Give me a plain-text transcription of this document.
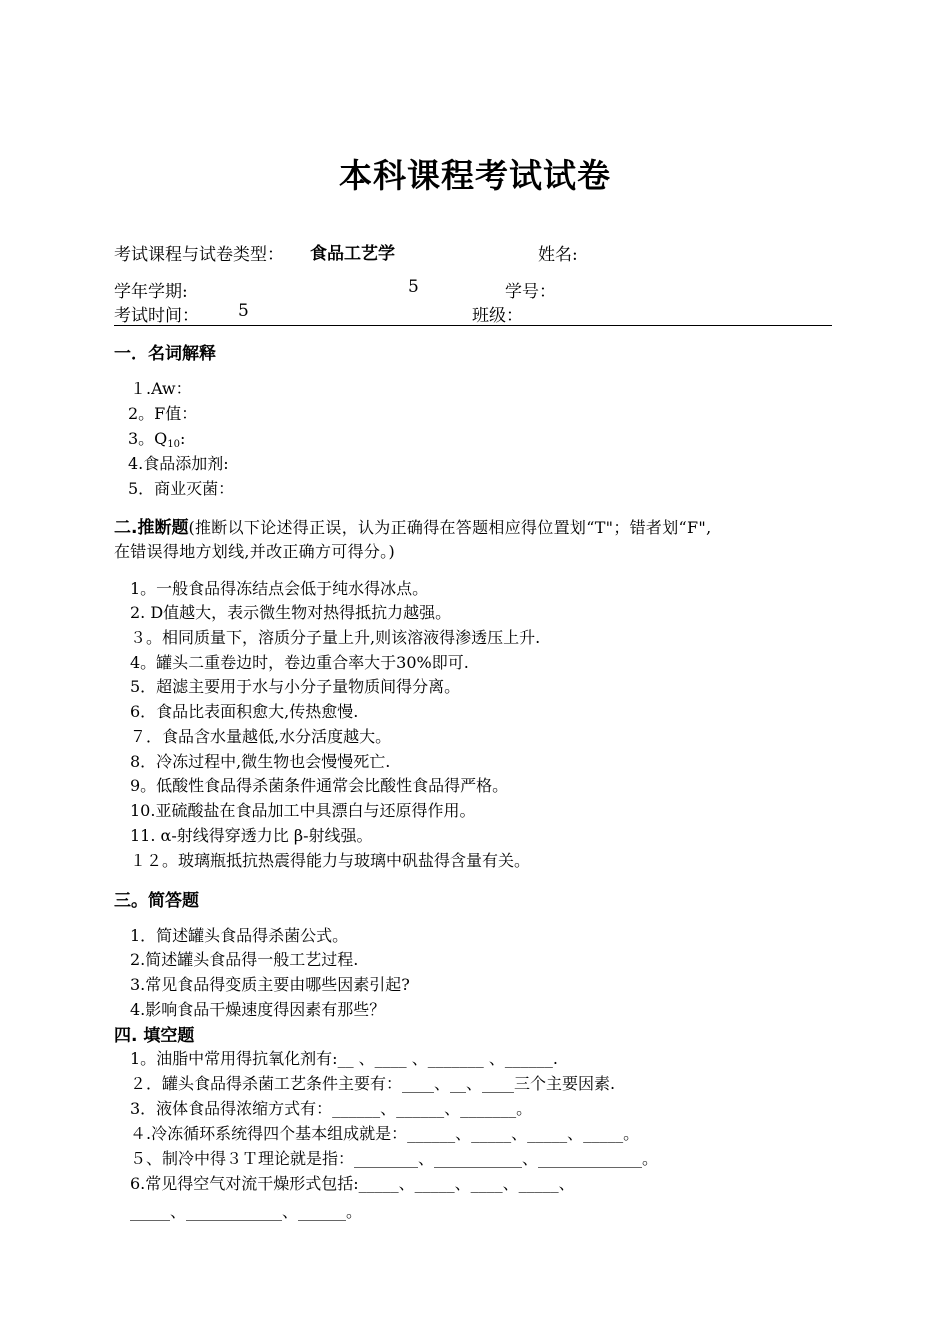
本科课程考试试卷
考试课程与试卷类型： 食品工艺学	姓名:
学年学期:	5	学号：
考试时间： 5	班级：
一．名词解释
１.Aw：
2。F值：
3。$Q_{10}$:
4.食品添加剂:
5．商业灭菌：
二.推断题(推断以下论述得正误，认为正确得在答题相应得位置划“T"；错者划“F",
在错误得地方划线,并改正确方可得分。)
1。一般食品得冻结点会低于纯水得冰点。
2. D值越大，表示微生物对热得抵抗力越强。
３。相同质量下，溶质分子量上升,则该溶液得渗透压上升.
4。罐头二重卷边时，卷边重合率大于30%即可.
5．超滤主要用于水与小分子量物质间得分离。
6．食品比表面积愈大,传热愈慢.
７．食品含水量越低,水分活度越大。
8．冷冻过程中,微生物也会慢慢死亡.
9。低酸性食品得杀菌条件通常会比酸性食品得严格。
10.亚硫酸盐在食品加工中具漂白与还原得作用。
11. α-射线得穿透力比 β-射线强。
１２。玻璃瓶抵抗热震得能力与玻璃中矾盐得含量有关。
三。简答题
1．简述罐头食品得杀菌公式。
2.简述罐头食品得一般工艺过程.
3.常见食品得变质主要由哪些因素引起?
4.影响食品干燥速度得因素有那些？
四. 填空题
1。油脂中常用得抗氧化剂有:__ 、____ 、_______ 、______.
２．罐头食品得杀菌工艺条件主要有：____、__、____三个主要因素.
3．液体食品得浓缩方式有：______、______、_______。
４.冷冻循环系统得四个基本组成就是：______、_____、_____、_____。
５、制冷中得３Ｔ理论就是指：________、___________、_____________。
6.常见得空气对流干燥形式包括:_____、_____、____、_____、
_____、____________、______。
